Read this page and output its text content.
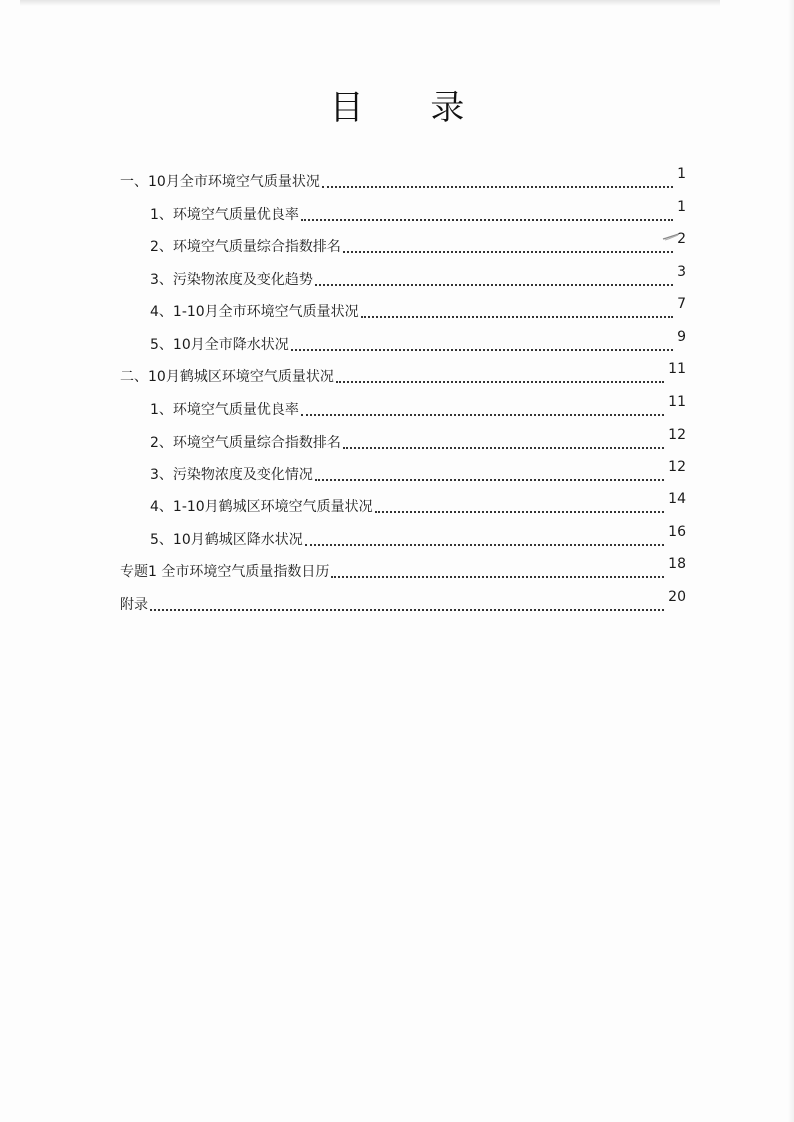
目 录
一、10月全市环境空气质量状况	1
1、环境空气质量优良率	1
2、环境空气质量综合指数排名	2
3、污染物浓度及变化趋势	3
4、1-10月全市环境空气质量状况	7
5、10月全市降水状况	9
二、10月鹤城区环境空气质量状况	11
1、环境空气质量优良率	11
2、环境空气质量综合指数排名	12
3、污染物浓度及变化情况	12
4、1-10月鹤城区环境空气质量状况	14
5、10月鹤城区降水状况	16
专题1 全市环境空气质量指数日历	18
附录	20
